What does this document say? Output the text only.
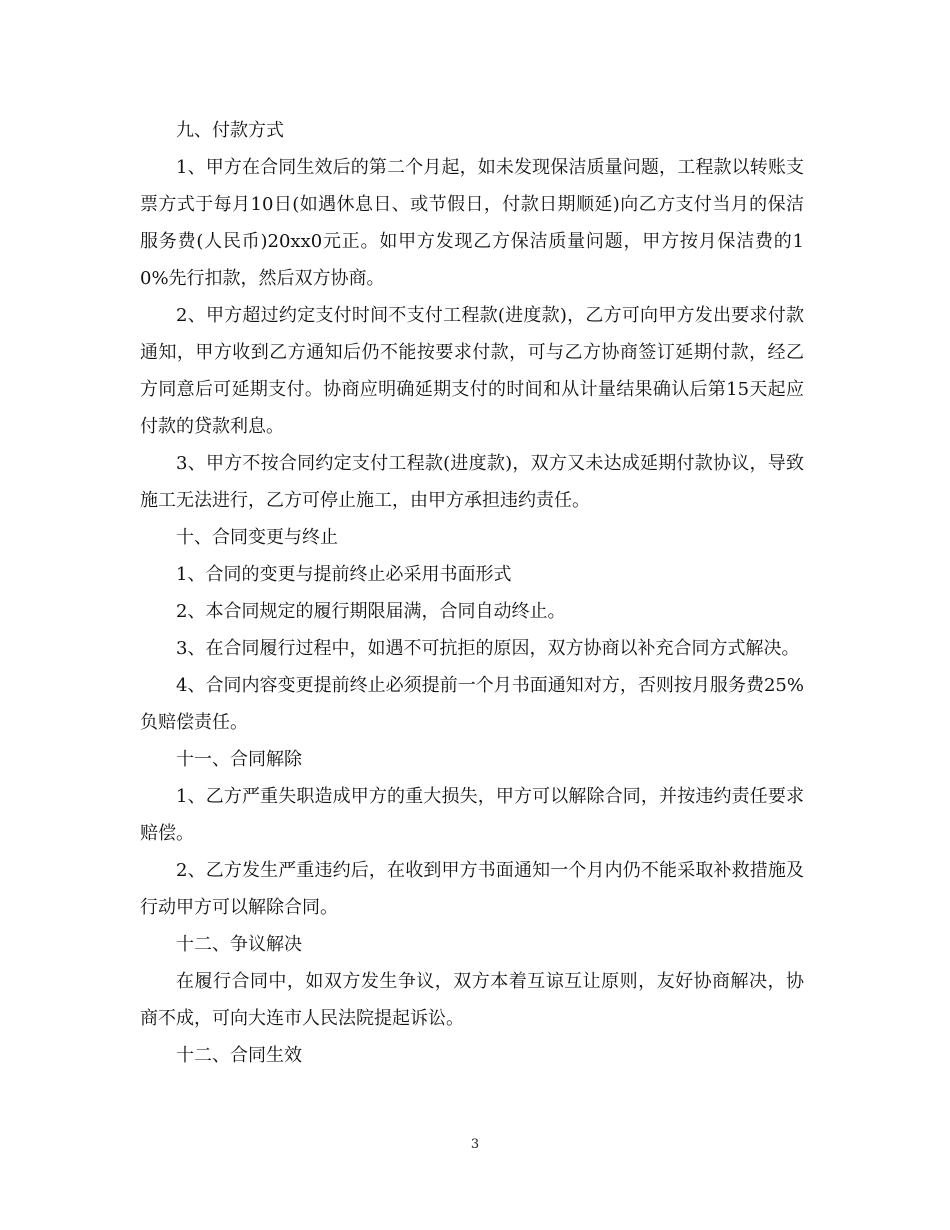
九、付款方式

1、甲方在合同生效后的第二个月起，如未发现保洁质量问题，工程款以转账支票方式于每月10日(如遇休息日、或节假日，付款日期顺延)向乙方支付当月的保洁服务费(人民币)20xx0元正。如甲方发现乙方保洁质量问题，甲方按月保洁费的10%先行扣款，然后双方协商。

2、甲方超过约定支付时间不支付工程款(进度款)，乙方可向甲方发出要求付款通知，甲方收到乙方通知后仍不能按要求付款，可与乙方协商签订延期付款，经乙方同意后可延期支付。协商应明确延期支付的时间和从计量结果确认后第15天起应付款的贷款利息。

3、甲方不按合同约定支付工程款(进度款)，双方又未达成延期付款协议，导致施工无法进行，乙方可停止施工，由甲方承担违约责任。

十、合同变更与终止

1、合同的变更与提前终止必采用书面形式

2、本合同规定的履行期限届满，合同自动终止。

3、在合同履行过程中，如遇不可抗拒的原因，双方协商以补充合同方式解决。

4、合同内容变更提前终止必须提前一个月书面通知对方，否则按月服务费25%负赔偿责任。

十一、合同解除

1、乙方严重失职造成甲方的重大损失，甲方可以解除合同，并按违约责任要求赔偿。

2、乙方发生严重违约后，在收到甲方书面通知一个月内仍不能采取补救措施及行动甲方可以解除合同。

十二、争议解决

在履行合同中，如双方发生争议，双方本着互谅互让原则，友好协商解决，协商不成，可向大连市人民法院提起诉讼。

十二、合同生效

3
